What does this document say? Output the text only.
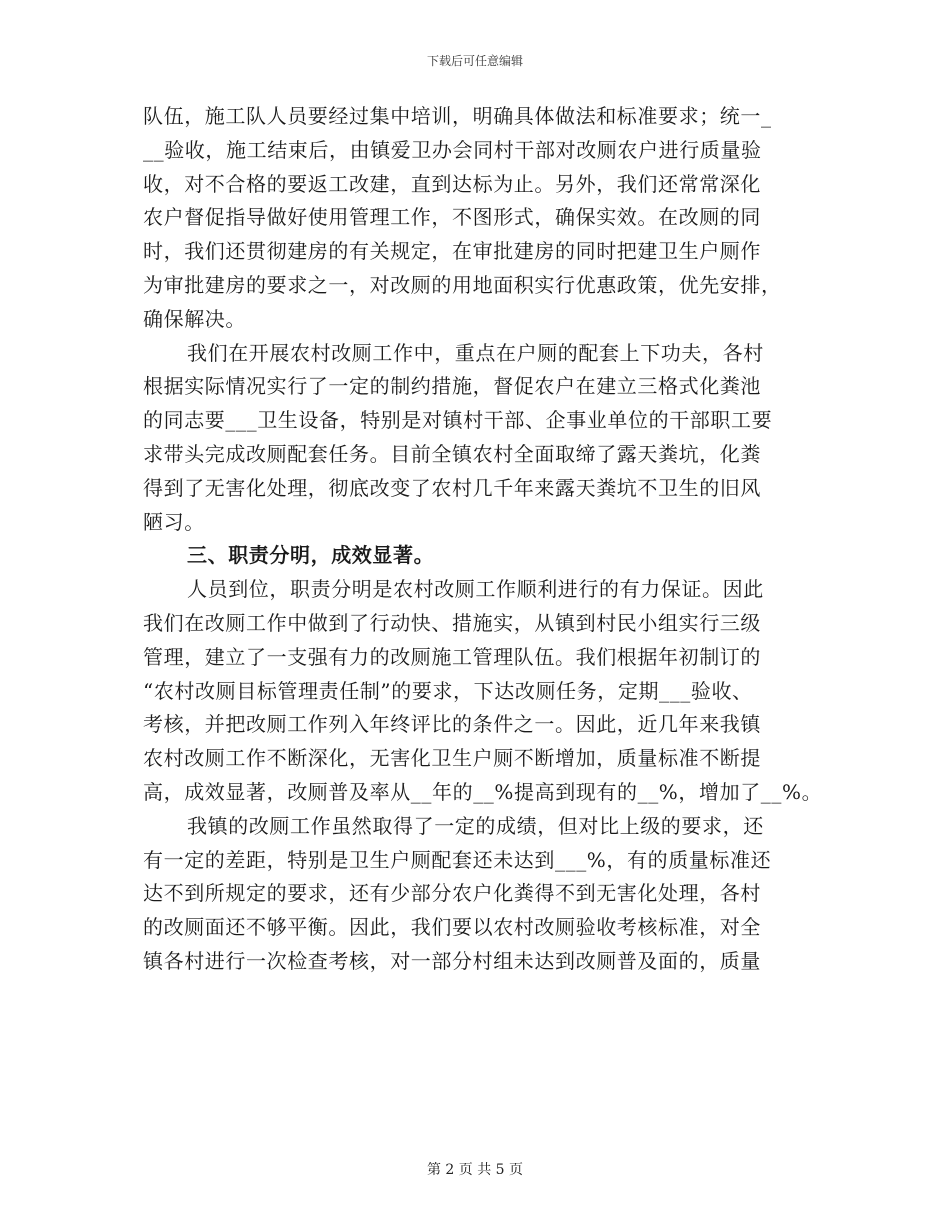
下载后可任意编辑
队伍，施工队人员要经过集中培训，明确具体做法和标准要求；统一_
__验收，施工结束后，由镇爱卫办会同村干部对改厕农户进行质量验
收，对不合格的要返工改建，直到达标为止。另外，我们还常常深化
农户督促指导做好使用管理工作，不图形式，确保实效。在改厕的同
时，我们还贯彻建房的有关规定，在审批建房的同时把建卫生户厕作
为审批建房的要求之一，对改厕的用地面积实行优惠政策，优先安排，
确保解决。
我们在开展农村改厕工作中，重点在户厕的配套上下功夫，各村
根据实际情况实行了一定的制约措施，督促农户在建立三格式化粪池
的同志要___卫生设备，特别是对镇村干部、企事业单位的干部职工要
求带头完成改厕配套任务。目前全镇农村全面取缔了露天粪坑，化粪
得到了无害化处理，彻底改变了农村几千年来露天粪坑不卫生的旧风
陋习。
三、职责分明，成效显著。
人员到位，职责分明是农村改厕工作顺利进行的有力保证。因此
我们在改厕工作中做到了行动快、措施实，从镇到村民小组实行三级
管理，建立了一支强有力的改厕施工管理队伍。我们根据年初制订的
“农村改厕目标管理责任制”的要求，下达改厕任务，定期___验收、
考核，并把改厕工作列入年终评比的条件之一。因此，近几年来我镇
农村改厕工作不断深化，无害化卫生户厕不断增加，质量标准不断提
高，成效显著，改厕普及率从__年的__%提高到现有的__%，增加了__%。
我镇的改厕工作虽然取得了一定的成绩，但对比上级的要求，还
有一定的差距，特别是卫生户厕配套还未达到___%，有的质量标准还
达不到所规定的要求，还有少部分农户化粪得不到无害化处理，各村
的改厕面还不够平衡。因此，我们要以农村改厕验收考核标准，对全
镇各村进行一次检查考核，对一部分村组未达到改厕普及面的，质量
第 2 页 共 5 页
